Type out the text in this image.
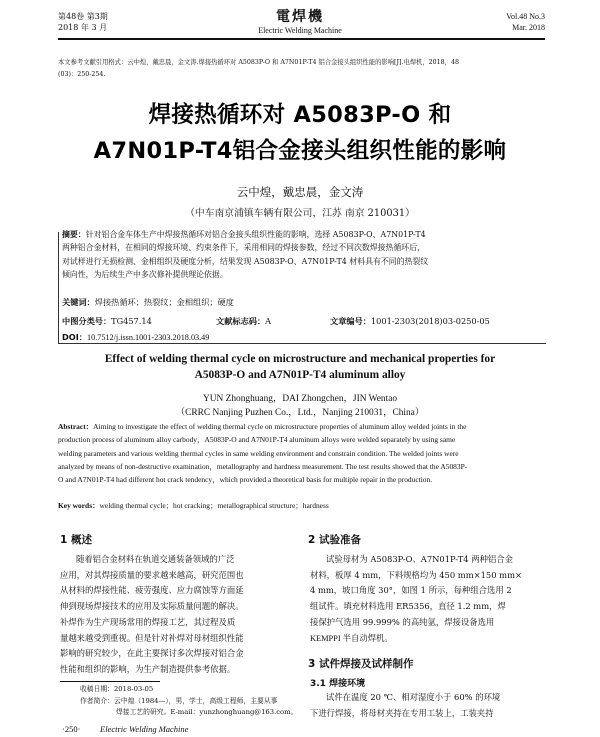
第48卷 第3期
2018 年 3 月
電焊機
Electric Welding Machine
Vol.48 No.3
Mar. 2018
本文参考文献引用格式：云中煌，戴忠晨，金文涛.焊接热循环对 A5083P-O 和 A7N01P-T4 铝合金接头组织性能的影响[J].电焊机，2018，48
(03)：250-254.
焊接热循环对 A5083P-O 和
A7N01P-T4铝合金接头组织性能的影响
云中煌，戴忠晨，金文涛
（中车南京浦镇车辆有限公司，江苏 南京 210031）
摘要：针对铝合金车体生产中焊接热循环对铝合金接头组织性能的影响，选择 A5083P-O、A7N01P-T4
两种铝合金材料，在相同的焊接环境、约束条件下，采用相同的焊接参数，经过不同次数焊接热循环后，
对试样进行无损检测、金相组织及硬度分析，结果发现 A5083P-O、A7N01P-T4 材料具有不同的热裂纹
倾向性，为后续生产中多次修补提供理论依据。
关键词：焊接热循环；热裂纹；金相组织；硬度
中图分类号：TG457.14	文献标志码：A	文章编号：1001-2303(2018)03-0250-05
DOI：10.7512/j.issn.1001-2303.2018.03.49
Effect of welding thermal cycle on microstructure and mechanical properties for
A5083P-O and A7N01P-T4 aluminum alloy
YUN Zhonghuang，DAI Zhongchen，JIN Wentao
（CRRC Nanjing Puzhen Co.，Ltd.，Nanjing 210031，China）
Abstract：Aiming to investigate the effect of welding thermal cycle on microstructure properties of aluminum alloy welded joints in the
production process of aluminum alloy carbody，A5083P-O and A7N01P-T4 aluminum alloys were welded separately by using same
welding parameters and various welding thermal cycles in same welding environment and constrain condition. The welded joints were
analyzed by means of non-destructive examination，metallography and hardness measurement. The test results showed that the A5083P-
O and A7N01P-T4 had different hot crack tendency，which provided a theoretical basis for multiple repair in the production.
Key words：welding thermal cycle；hot cracking；metallographical structure；hardness
1 概述
随着铝合金材料在轨道交通装备领域的广泛
应用，对其焊接质量的要求越来越高，研究范围也
从材料的焊接性能、疲劳强度、应力腐蚀等方面延
伸到现场焊接技术的应用及实际质量问题的解决。
补焊作为生产现场常用的焊接工艺，其过程及质
量越来越受到重视。但是针对补焊对母材组织性能
影响的研究较少，在此主要探讨多次焊接对铝合金
性能和组织的影响，为生产制造提供参考依据。
收稿日期：2018-03-05
作者简介：云中煌（1984—），男，学士，高级工程师，主要从事
焊接工艺的研究。E-mail：yunzhonghuang@163.com。
2 试验准备
试验母材为 A5083P-O、A7N01P-T4 两种铝合金
材料，板厚 4 mm，下料规格均为 450 mm×150 mm×
4 mm，坡口角度 30°，如图 1 所示，每种组合选用 2
组试件。填充材料选用 ER5356，直径 1.2 mm，焊
接保护气选用 99.999% 的高纯氩，焊接设备选用
KEMPPI 半自动焊机。
3 试件焊接及试样制作
3.1 焊接环境
试件在温度 20 ℃、相对湿度小于 60% 的环境
下进行焊接，将母材夹持在专用工装上，工装夹持
·250· Electric Welding Machine
